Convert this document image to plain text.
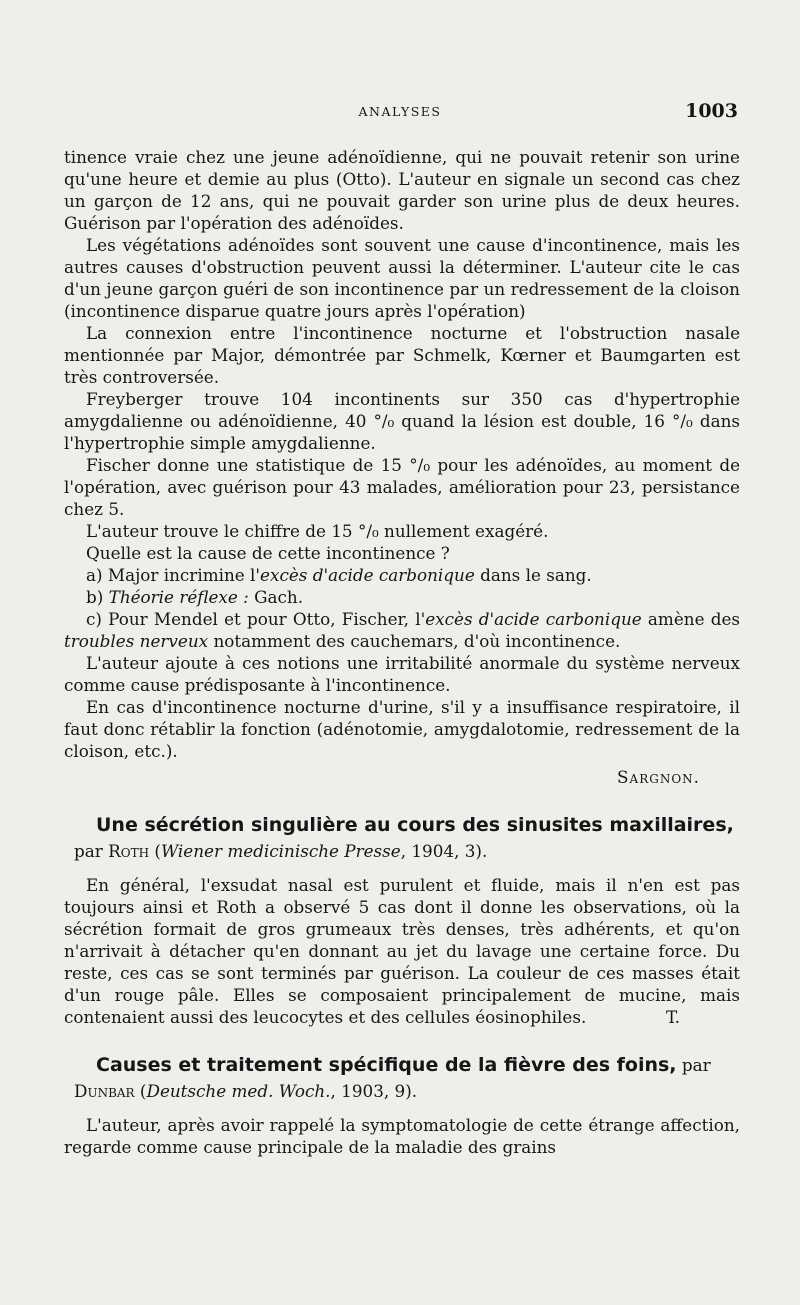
ANALYSES	1003

tinence vraie chez une jeune adénoïdienne, qui ne pouvait retenir son urine qu'une heure et demie au plus (Otto). L'auteur en signale un second cas chez un garçon de 12 ans, qui ne pouvait garder son urine plus de deux heures. Guérison par l'opération des adénoïdes.

Les végétations adénoïdes sont souvent une cause d'incontinence, mais les autres causes d'obstruction peuvent aussi la déterminer. L'auteur cite le cas d'un jeune garçon guéri de son incontinence par un redressement de la cloison (incontinence disparue quatre jours après l'opération)

La connexion entre l'incontinence nocturne et l'obstruction nasale mentionnée par Major, démontrée par Schmelk, Kœrner et Baumgarten est très controversée.

Freyberger trouve 104 incontinents sur 350 cas d'hypertrophie amygdalienne ou adénoïdienne, 40 °/₀ quand la lésion est double, 16 °/₀ dans l'hypertrophie simple amygdalienne.

Fischer donne une statistique de 15 °/₀ pour les adénoïdes, au moment de l'opération, avec guérison pour 43 malades, amélioration pour 23, persistance chez 5.

L'auteur trouve le chiffre de 15 °/₀ nullement exagéré.

Quelle est la cause de cette incontinence ?

a) Major incrimine l'excès d'acide carbonique dans le sang.

b) Théorie réflexe : Gach.

c) Pour Mendel et pour Otto, Fischer, l'excès d'acide carbonique amène des troubles nerveux notamment des cauchemars, d'où incontinence.

L'auteur ajoute à ces notions une irritabilité anormale du système nerveux comme cause prédisposante à l'incontinence.

En cas d'incontinence nocturne d'urine, s'il y a insuffisance respiratoire, il faut donc rétablir la fonction (adénotomie, amygdalotomie, redressement de la cloison, etc.).

Sargnon.

Une sécrétion singulière au cours des sinusites maxillaires, par Roth (Wiener medicinische Presse, 1904, 3).

En général, l'exsudat nasal est purulent et fluide, mais il n'en est pas toujours ainsi et Roth a observé 5 cas dont il donne les observations, où la sécrétion formait de gros grumeaux très denses, très adhérents, et qu'on n'arrivait à détacher qu'en donnant au jet du lavage une certaine force. Du reste, ces cas se sont terminés par guérison. La couleur de ces masses était d'un rouge pâle. Elles se composaient principalement de mucine, mais contenaient aussi des leucocytes et des cellules éosinophiles.	T.

Causes et traitement spécifique de la fièvre des foins, par Dunbar (Deutsche med. Woch., 1903, 9).

L'auteur, après avoir rappelé la symptomatologie de cette étrange affection, regarde comme cause principale de la maladie des grains
